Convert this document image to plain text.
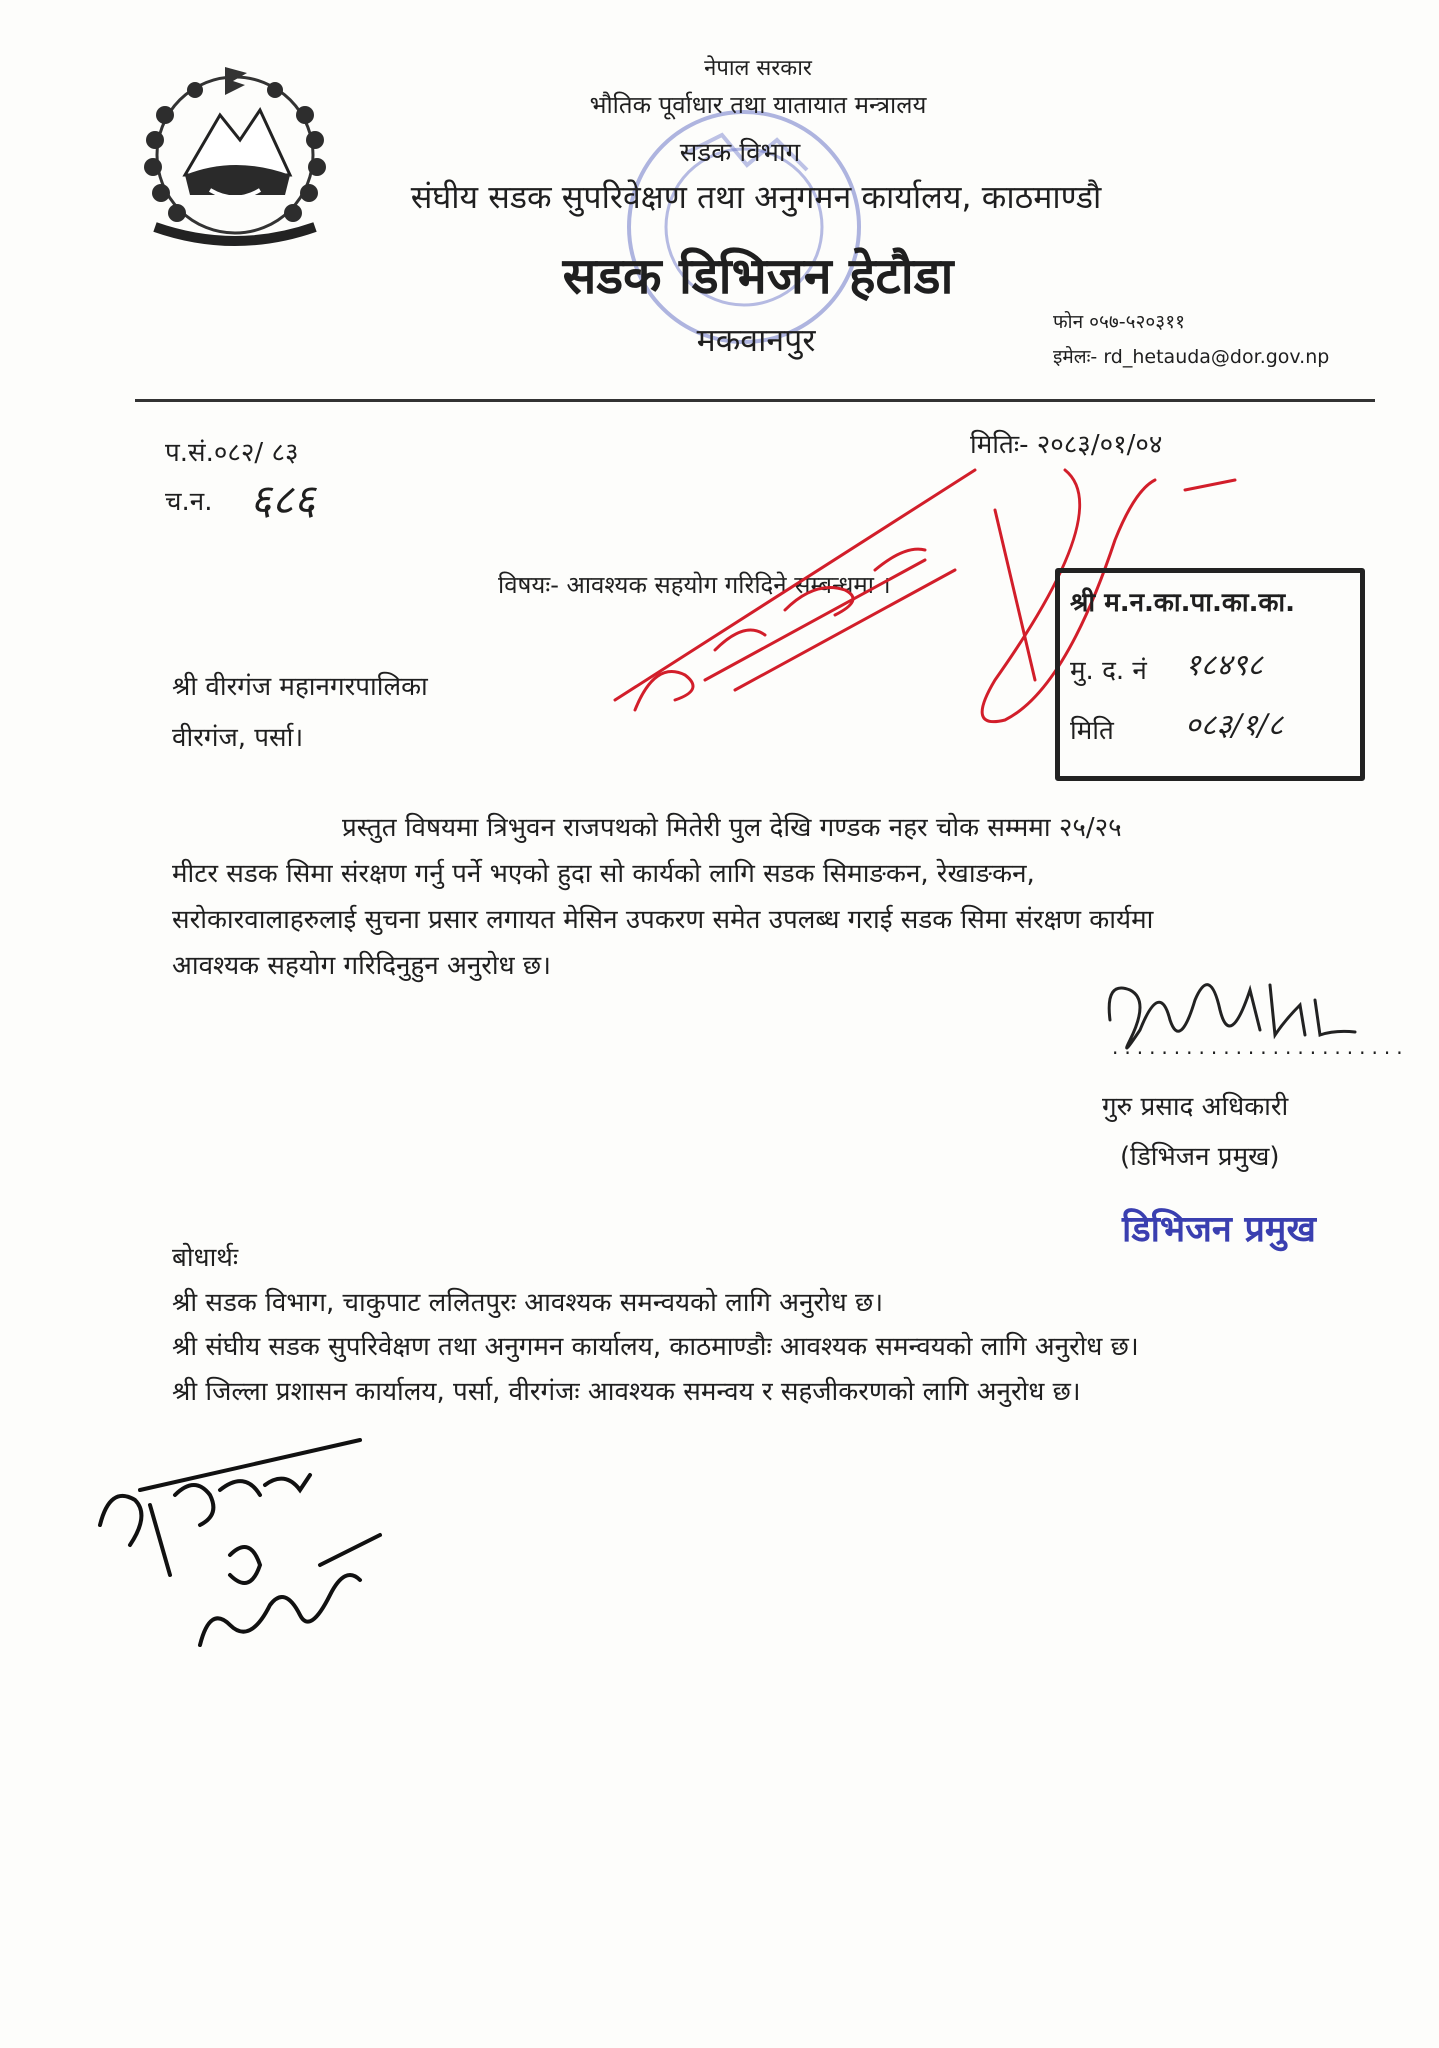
नेपाल सरकार
भौतिक पूर्वाधार तथा यातायात मन्त्रालय
सडक विभाग
संघीय सडक सुपरिवेक्षण तथा अनुगमन कार्यालय, काठमाण्डौ
सडक डिभिजन हेटौडा
मकवानपुर	फोन ०५७-५२०३११
इमेलः- rd_hetauda@dor.gov.np
प.सं.०८२/ ८३
च.न. ६८६
मितिः- २०८३/०१/०४
विषयः- आवश्यक सहयोग गरिदिने सम्बन्धमा ।
श्री वीरगंज महानगरपालिका
वीरगंज, पर्सा।
श्री म.न.का.पा.का.का.
मु. द. नं १८४९८
मिति ०८३/१/८
प्रस्तुत विषयमा त्रिभुवन राजपथको मितेरी पुल देखि गण्डक नहर चोक सम्ममा २५/२५
मीटर सडक सिमा संरक्षण गर्नु पर्ने भएको हुदा सो कार्यको लागि सडक सिमाङकन, रेखाङकन,
सरोकारवालाहरुलाई सुचना प्रसार लगायत मेसिन उपकरण समेत उपलब्ध गराई सडक सिमा संरक्षण कार्यमा
आवश्यक सहयोग गरिदिनुहुन अनुरोध छ।
........................
गुरु प्रसाद अधिकारी
(डिभिजन प्रमुख)
डिभिजन प्रमुख
बोधार्थः
श्री सडक विभाग, चाकुपाट ललितपुरः आवश्यक समन्वयको लागि अनुरोध छ।
श्री संघीय सडक सुपरिवेक्षण तथा अनुगमन कार्यालय, काठमाण्डौः आवश्यक समन्वयको लागि अनुरोध छ।
श्री जिल्ला प्रशासन कार्यालय, पर्सा, वीरगंजः आवश्यक समन्वय र सहजीकरणको लागि अनुरोध छ।
